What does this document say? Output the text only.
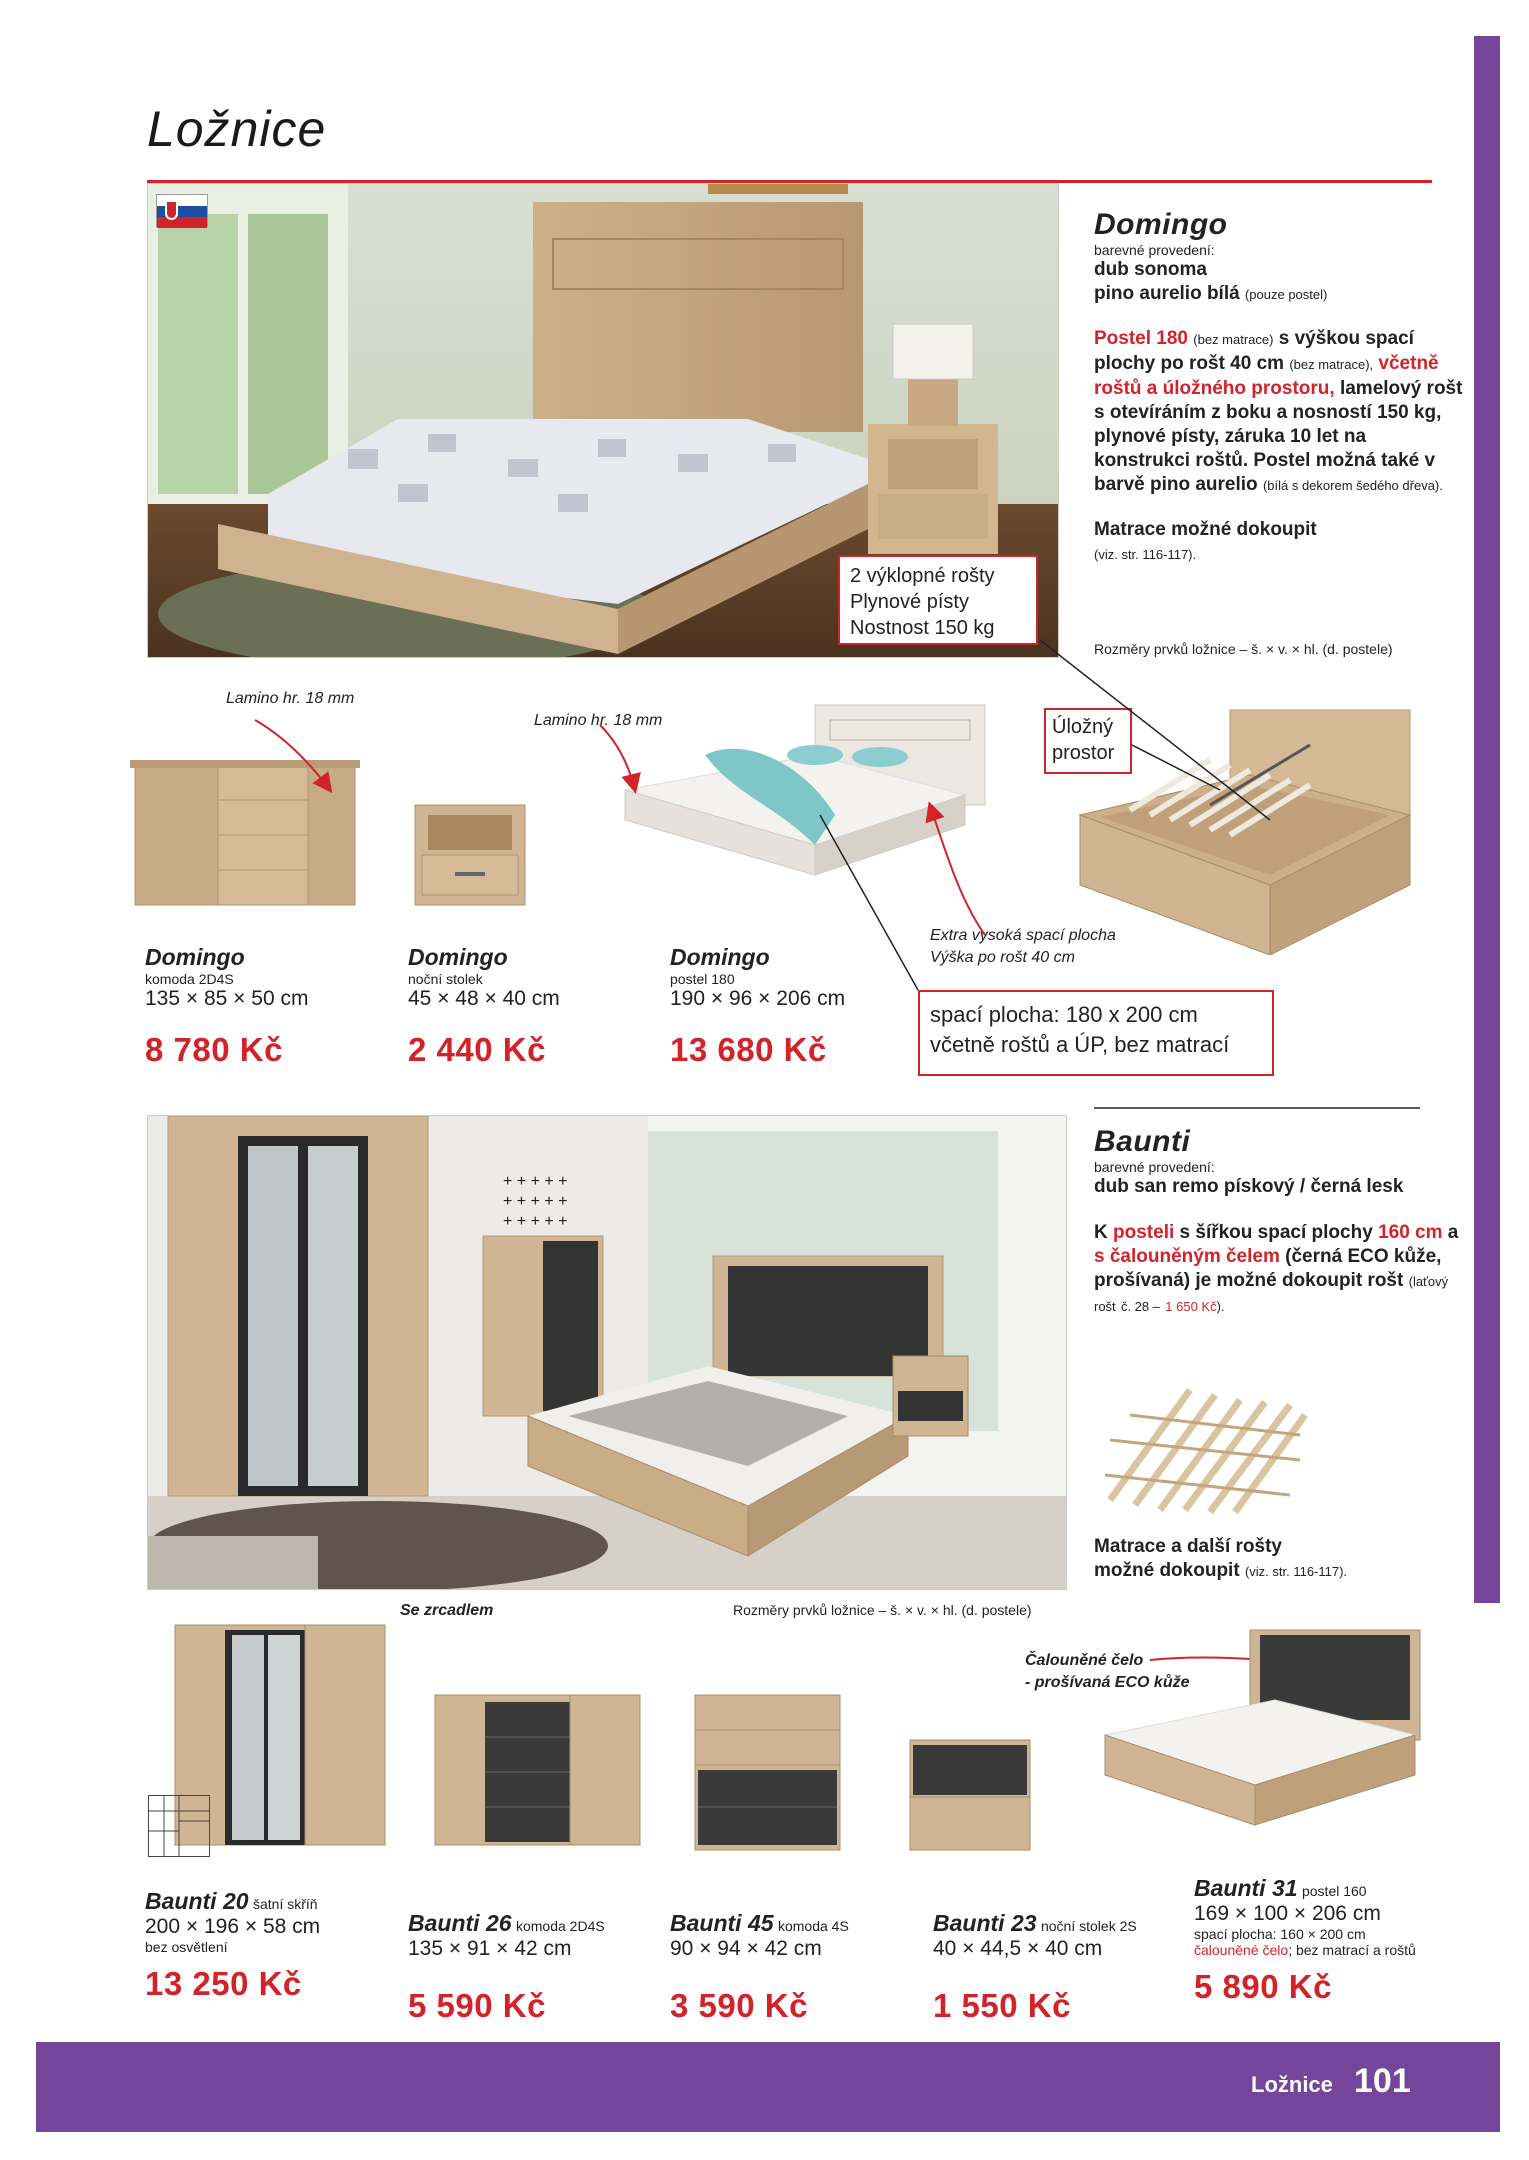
Ložnice 101
Ložnice
2 výklopné rošty
Plynové písty
Nostnost 150 kg
Domingo
barevné provedení:
dub sonoma
pino aurelio bílá (pouze postel)
Postel 180 (bez matrace) s výškou spací plochy po rošt 40 cm (bez matrace), včetně roštů a úložného prostoru, lamelový rošt s otevíráním z boku a nosností 150 kg, plynové písty, záruka 10 let na konstrukci roštů. Postel možná také v barvě pino aurelio (bílá s dekorem šedého dřeva).
Matrace možné dokoupit
(viz. str. 116-117).
Rozměry prvků ložnice – š. × v. × hl. (d. postele)
Úložný
prostor
Lamino hr. 18 mm
Lamino hr. 18 mm
Extra vysoká spací plocha
Výška po rošt 40 cm
spací plocha: 180 x 200 cm
včetně roštů a ÚP, bez matrací
Domingo
komoda 2D4S
135 × 85 × 50 cm
8 780 Kč
Domingo
noční stolek
45 × 48 × 40 cm
2 440 Kč
Domingo
postel 180
190 × 96 × 206 cm
13 680 Kč
+ + + + +
+ + + + +
+ + + + +
Baunti
barevné provedení:
dub san remo pískový / černá lesk
K posteli s šířkou spací plochy 160 cm a s čalouněným čelem (černá ECO kůže, prošívaná) je možné dokoupit rošt (laťový rošt č. 28 – 1 650 Kč).
Matrace a další rošty
možné dokoupit (viz. str. 116-117).
Rozměry prvků ložnice – š. × v. × hl. (d. postele)
Se zrcadlem
Čalouněné čelo
- prošívaná ECO kůže
Baunti 20 šatní skříň
200 × 196 × 58 cm
bez osvětlení
13 250 Kč
Baunti 26 komoda 2D4S
135 × 91 × 42 cm
5 590 Kč
Baunti 45 komoda 4S
90 × 94 × 42 cm
3 590 Kč
Baunti 23 noční stolek 2S
40 × 44,5 × 40 cm
1 550 Kč
Baunti 31 postel 160
169 × 100 × 206 cm
spací plocha: 160 × 200 cm
čalouněné čelo; bez matrací a roštů
5 890 Kč
